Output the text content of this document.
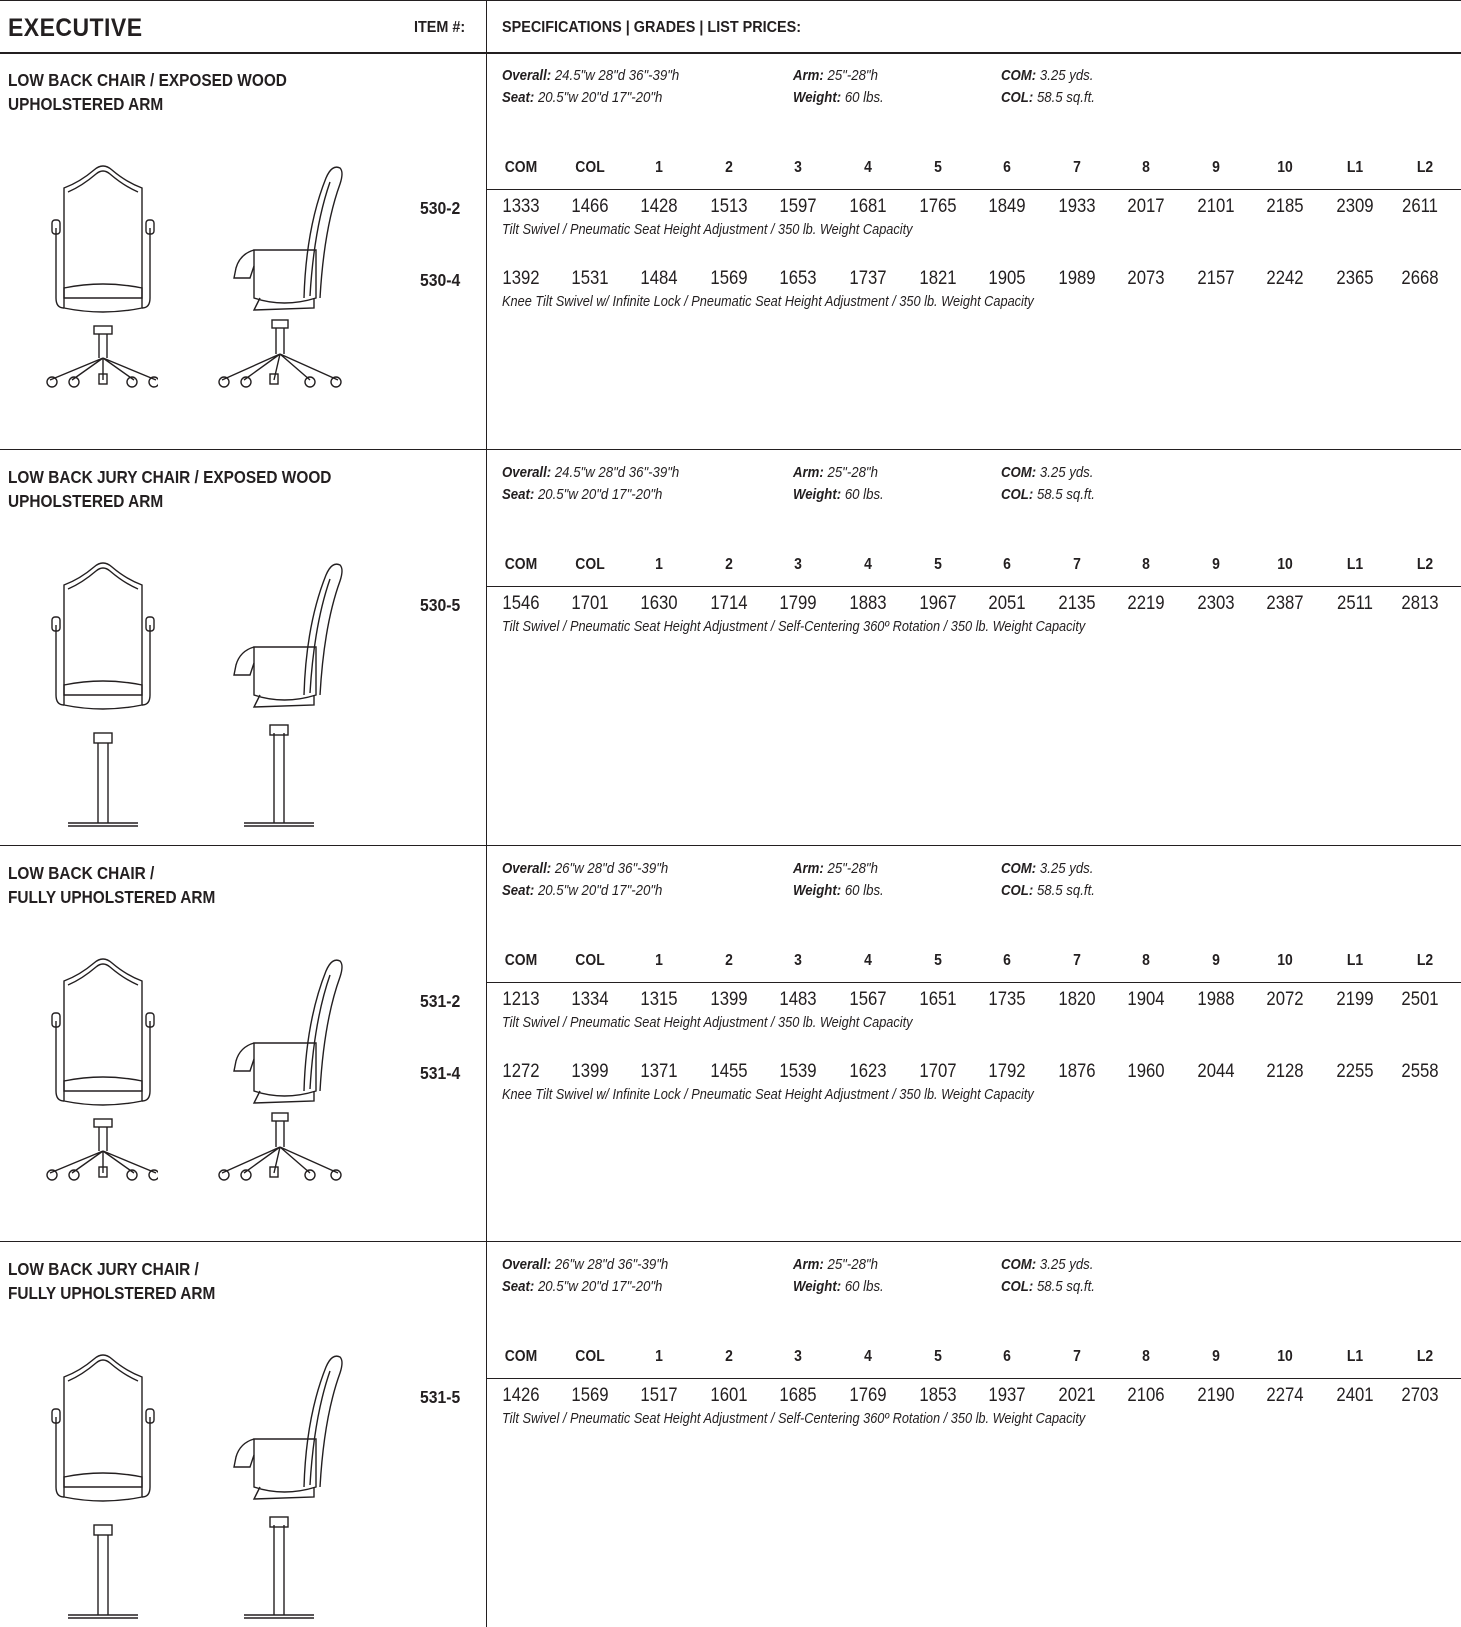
EXECUTIVE	ITEM #: SPECIFICATIONS | GRADES | LIST PRICES:
LOW BACK CHAIR / EXPOSED WOOD
UPHOLSTERED ARM
Overall: 24.5"w 28"d 36"-39"h
Seat: 20.5"w 20"d 17"-20"h
Arm: 25"-28"h
Weight: 60 lbs.
COM: 3.25 yds.
COL: 58.5 sq.ft.
COM COL	1	2	3	4	5	6	7	8	9	10	L1	L2
530-2 1333 1466 1428 1513 1597 1681 1765 1849 1933 2017 2101 2185 2309 2611
Tilt Swivel / Pneumatic Seat Height Adjustment / 350 lb. Weight Capacity
530-4 1392 1531 1484 1569 1653 1737 1821 1905 1989 2073 2157 2242 2365 2668
Knee Tilt Swivel w/ Infinite Lock / Pneumatic Seat Height Adjustment / 350 lb. Weight Capacity
LOW BACK JURY CHAIR / EXPOSED WOOD
UPHOLSTERED ARM
Overall: 24.5"w 28"d 36"-39"h
Seat: 20.5"w 20"d 17"-20"h
Arm: 25"-28"h
Weight: 60 lbs.
COM: 3.25 yds.
COL: 58.5 sq.ft.
COM COL	1	2	3	4	5	6	7	8	9	10	L1	L2
530-5 1546 1701 1630 1714 1799 1883 1967 2051 2135 2219 2303 2387 2511 2813
Tilt Swivel / Pneumatic Seat Height Adjustment / Self-Centering 360º Rotation / 350 lb. Weight Capacity
LOW BACK CHAIR /
FULLY UPHOLSTERED ARM
Overall: 26"w 28"d 36"-39"h
Seat: 20.5"w 20"d 17"-20"h
Arm: 25"-28"h
Weight: 60 lbs.
COM: 3.25 yds.
COL: 58.5 sq.ft.
COM COL	1	2	3	4	5	6	7	8	9	10	L1	L2
531-2 1213 1334 1315 1399 1483 1567 1651 1735 1820 1904 1988 2072 2199 2501
Tilt Swivel / Pneumatic Seat Height Adjustment / 350 lb. Weight Capacity
531-4 1272 1399 1371 1455 1539 1623 1707 1792 1876 1960 2044 2128 2255 2558
Knee Tilt Swivel w/ Infinite Lock / Pneumatic Seat Height Adjustment / 350 lb. Weight Capacity
LOW BACK JURY CHAIR /
FULLY UPHOLSTERED ARM
Overall: 26"w 28"d 36"-39"h
Seat: 20.5"w 20"d 17"-20"h
Arm: 25"-28"h
Weight: 60 lbs.
COM: 3.25 yds.
COL: 58.5 sq.ft.
COM COL	1	2	3	4	5	6	7	8	9	10	L1	L2
531-5 1426 1569 1517 1601 1685 1769 1853 1937 2021 2106 2190 2274 2401 2703
Tilt Swivel / Pneumatic Seat Height Adjustment / Self-Centering 360º Rotation / 350 lb. Weight Capacity
